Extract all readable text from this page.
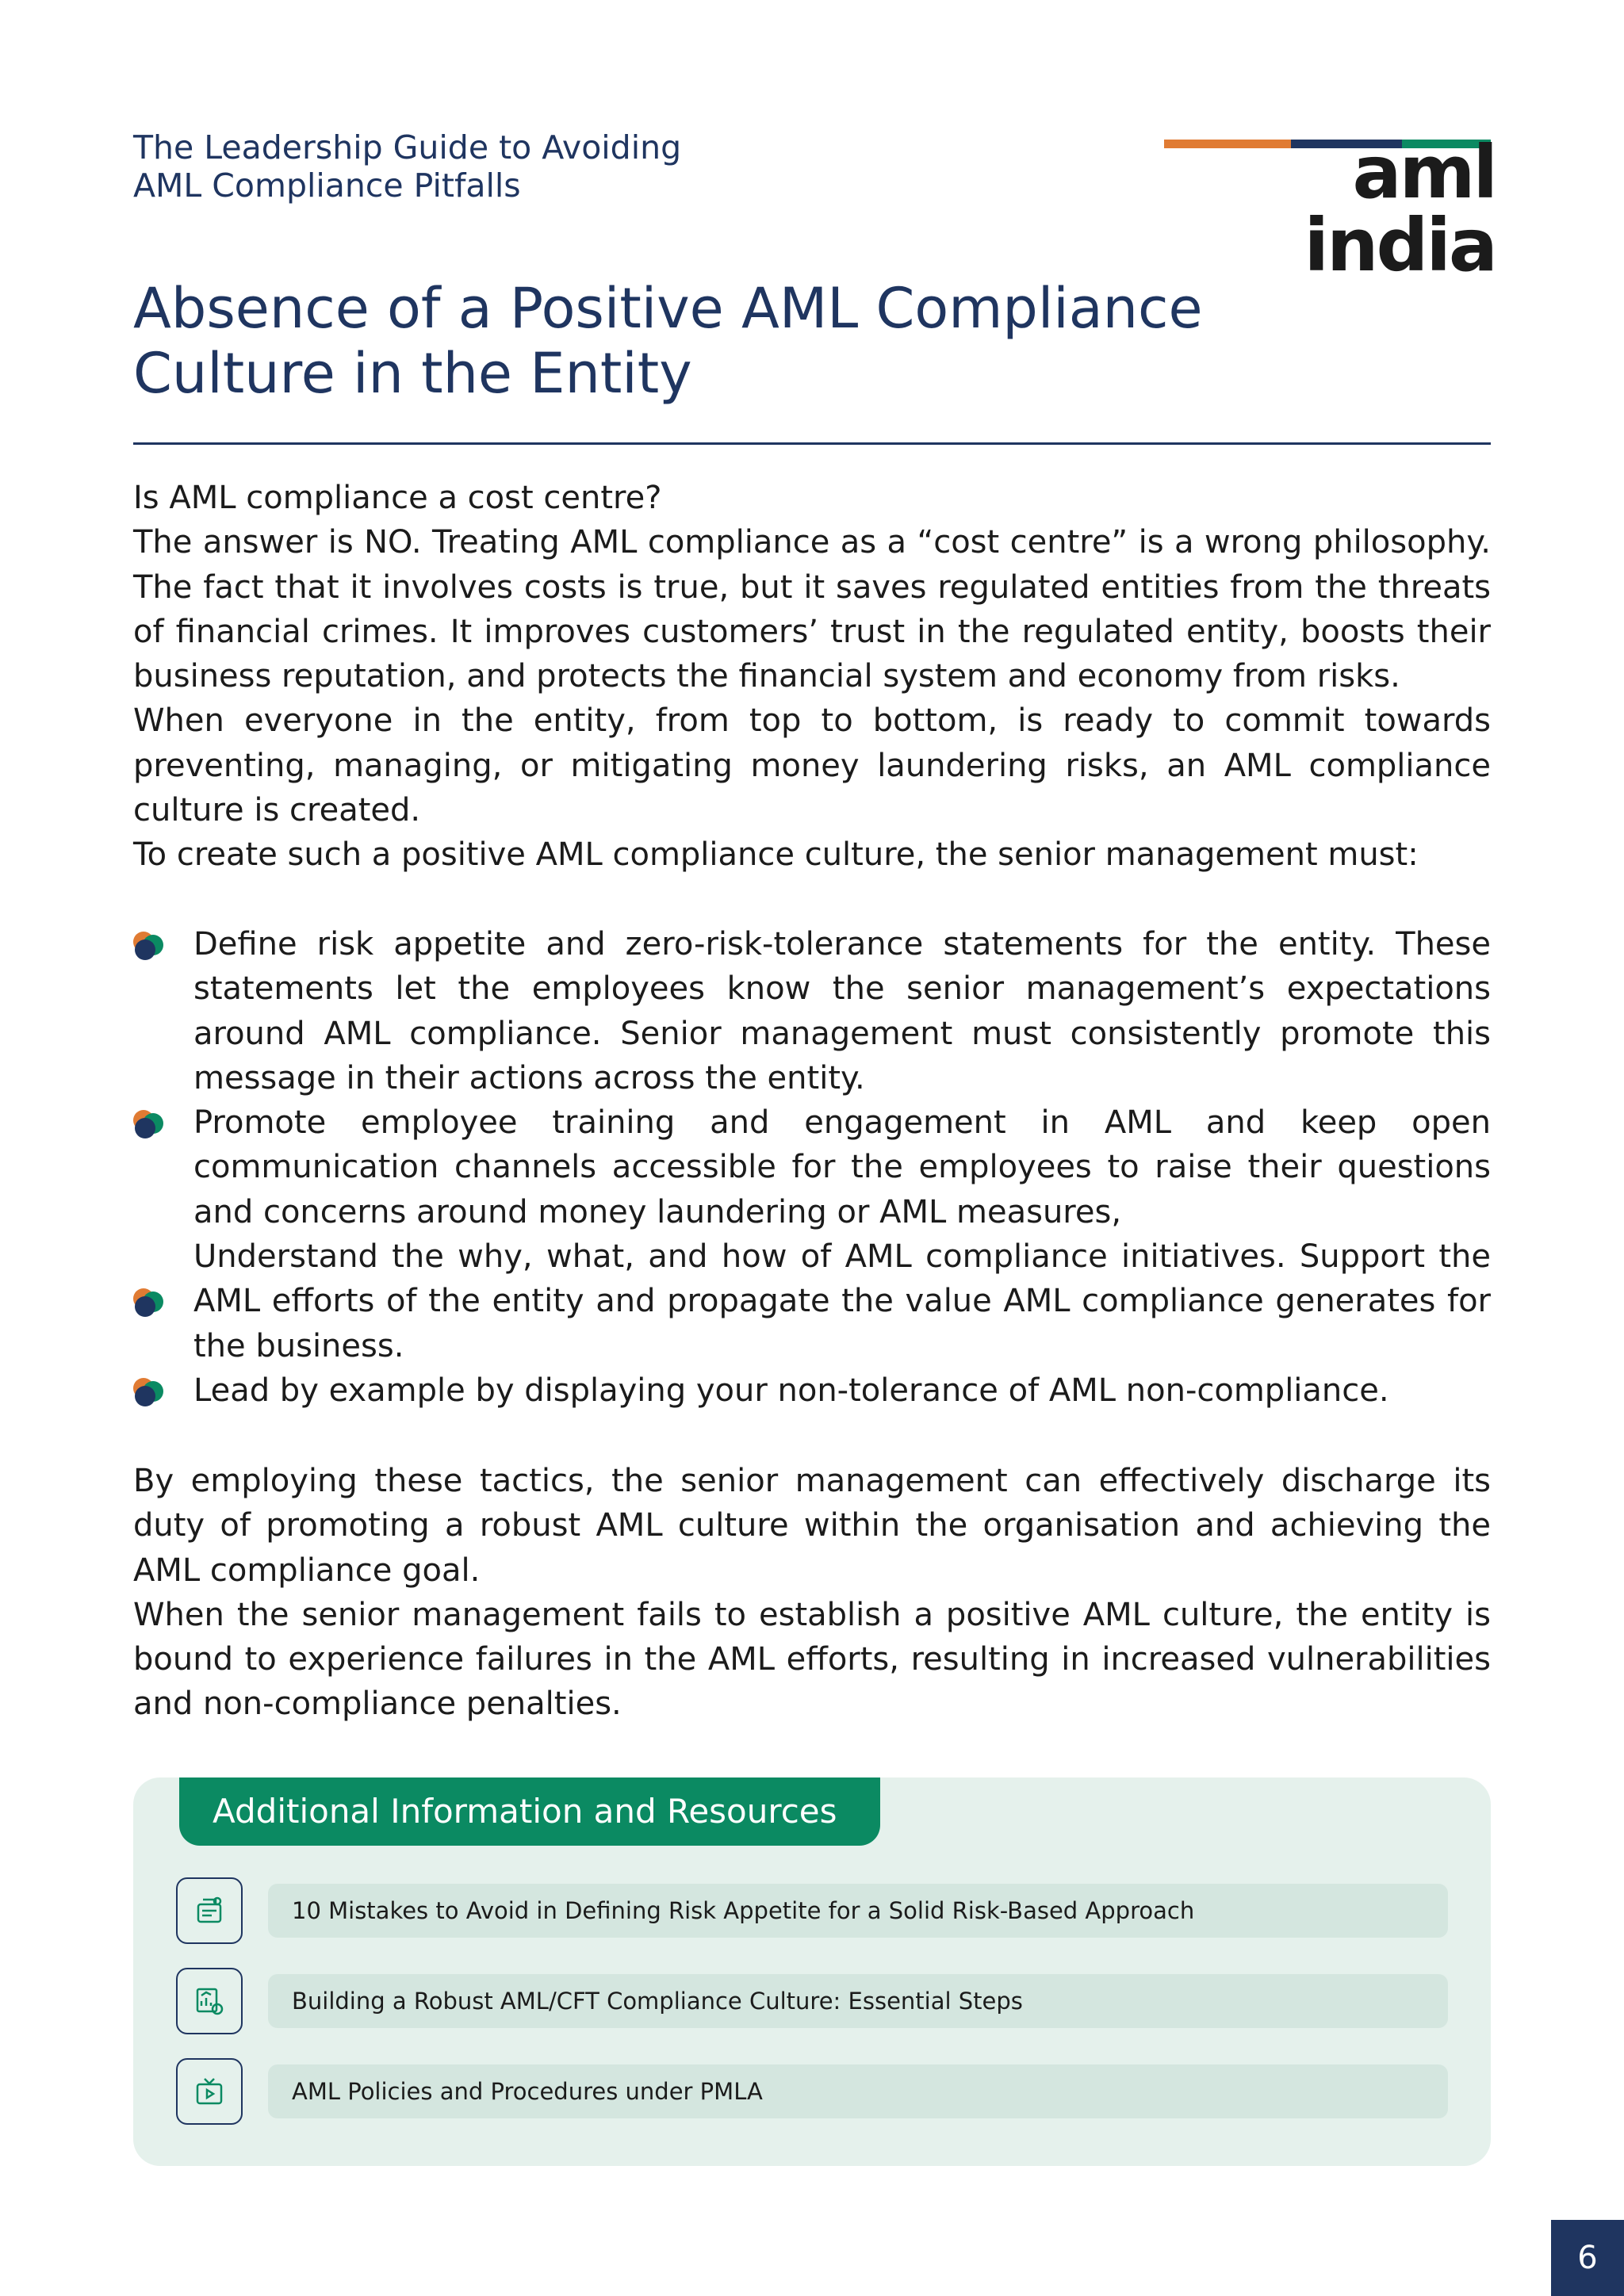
The Leadership Guide to Avoiding
AML Compliance Pitfalls	aml india
Absence of a Positive AML Compliance
Culture in the Entity

Is AML compliance a cost centre?

The answer is NO. Treating AML compliance as a “cost centre” is a wrong philosophy. The fact that it involves costs is true, but it saves regulated entities from the threats of financial crimes. It improves customers’ trust in the regulated entity, boosts their business reputation, and protects the financial system and economy from risks.

When everyone in the entity, from top to bottom, is ready to commit towards preventing, managing, or mitigating money laundering risks, an AML compliance culture is created.

To create such a positive AML compliance culture, the senior management must:

Define risk appetite and zero-risk-tolerance statements for the entity. These statements let the employees know the senior management’s expectations around AML compliance. Senior management must consistently promote this message in their actions across the entity.
Promote employee training and engagement in AML and keep open communication channels accessible for the employees to raise their questions and concerns around money laundering or AML measures,
Understand the why, what, and how of AML compliance initiatives. Support the AML efforts of the entity and propagate the value AML compliance generates for the business.
Lead by example by displaying your non-tolerance of AML non-compliance.

By employing these tactics, the senior management can effectively discharge its duty of promoting a robust AML culture within the organisation and achieving the AML compliance goal.

When the senior management fails to establish a positive AML culture, the entity is bound to experience failures in the AML efforts, resulting in increased vulnerabilities and non-compliance penalties.

Additional Information and Resources
10 Mistakes to Avoid in Defining Risk Appetite for a Solid Risk-Based Approach
Building a Robust AML/CFT Compliance Culture: Essential Steps
AML Policies and Procedures under PMLA
6
